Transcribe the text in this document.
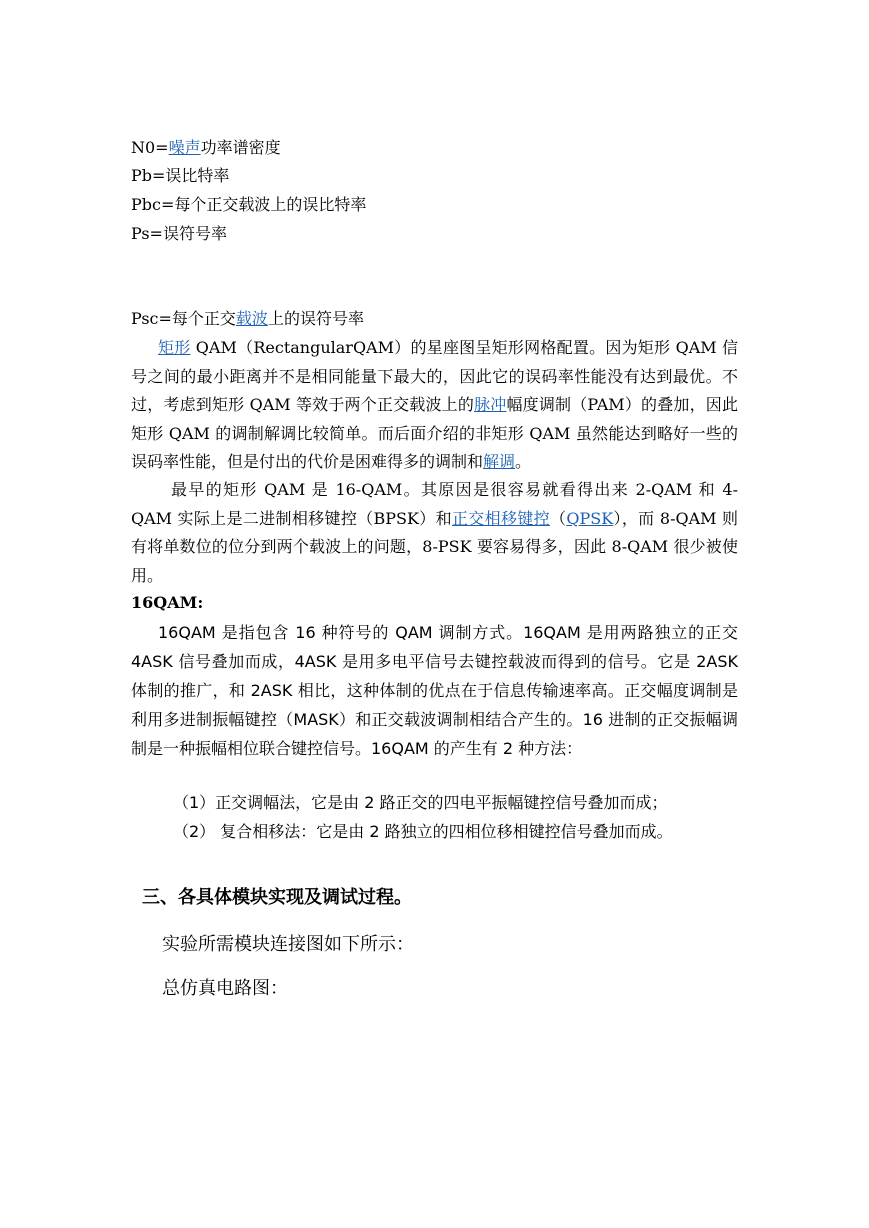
N0=噪声功率谱密度
Pb=误比特率
Pbc=每个正交载波上的误比特率
Ps=误符号率
Psc=每个正交载波上的误符号率
矩形 QAM（RectangularQAM）的星座图呈矩形网格配置。因为矩形 QAM 信号之间的最小距离并不是相同能量下最大的，因此它的误码率性能没有达到最优。不过，考虑到矩形 QAM 等效于两个正交载波上的脉冲幅度调制（PAM）的叠加，因此矩形 QAM 的调制解调比较简单。而后面介绍的非矩形 QAM 虽然能达到略好一些的误码率性能，但是付出的代价是困难得多的调制和解调。
最早的矩形 QAM 是 16-QAM。其原因是很容易就看得出来 2-QAM 和 4-QAM 实际上是二进制相移键控（BPSK）和正交相移键控（QPSK），而 8-QAM 则有将单数位的位分到两个载波上的问题，8-PSK 要容易得多，因此 8-QAM 很少被使用。
16QAM:
16QAM 是指包含 16 种符号的 QAM 调制方式。16QAM 是用两路独立的正交 4ASK 信号叠加而成，4ASK 是用多电平信号去键控载波而得到的信号。它是 2ASK 体制的推广，和 2ASK 相比，这种体制的优点在于信息传输速率高。正交幅度调制是利用多进制振幅键控（MASK）和正交载波调制相结合产生的。16 进制的正交振幅调制是一种振幅相位联合键控信号。16QAM 的产生有 2 种方法：
（1）正交调幅法，它是由 2 路正交的四电平振幅键控信号叠加而成；
（2） 复合相移法：它是由 2 路独立的四相位移相键控信号叠加而成。
三、各具体模块实现及调试过程。
实验所需模块连接图如下所示：
总仿真电路图：
